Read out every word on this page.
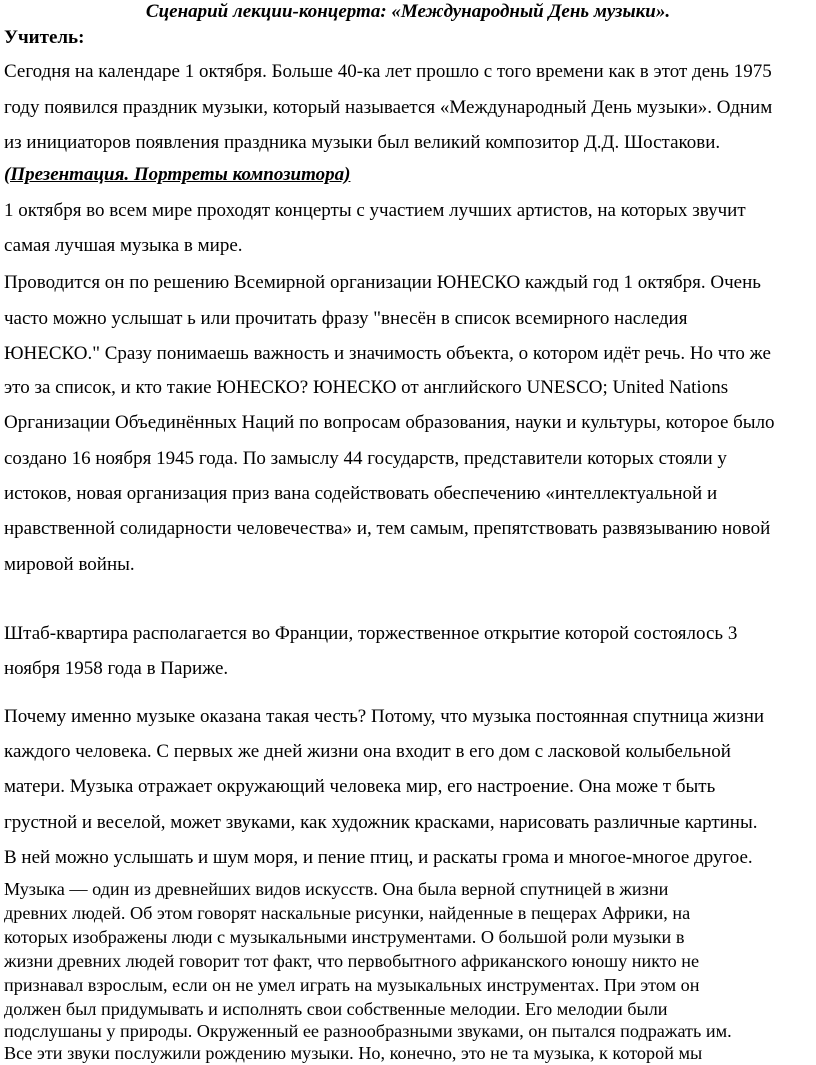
Сценарий лекции-концерта: «Международный День музыки».
Учитель:
Сегодня на календаре 1 октября. Больше 40-ка лет прошло с того времени как в этот день 1975
году появился праздник музыки, который называется «Международный День музыки». Одним
из инициаторов появления праздника музыки был великий композитор Д.Д. Шостакови.
(Презентация. Портреты композитора)
1 октября во всем мире проходят концерты с участием лучших артистов, на которых звучит
самая лучшая музыка в мире.
Проводится он по решению Всемирной организации ЮНЕСКО каждый год 1 октября. Очень
часто можно услышат ь или прочитать фразу "внесён в список всемирного наследия
ЮНЕСКО." Сразу понимаешь важность и значимость объекта, о котором идёт речь. Но что же
это за список, и кто такие ЮНЕСКО? ЮНЕСКО от английского UNESCO; United Nations
Организации Объединённых Наций по вопросам образования, науки и культуры, которое было
создано 16 ноября 1945 года. По замыслу 44 государств, представители которых стояли у
истоков, новая организация приз вана содействовать обеспечению «интеллектуальной и
нравственной солидарности человечества» и, тем самым, препятствовать развязыванию новой
мировой войны.
Штаб-квартира располагается во Франции, торжественное открытие которой состоялось 3
ноября 1958 года в Париже.
Почему именно музыке оказана такая честь? Потому, что музыка постоянная спутница жизни
каждого человека. С первых же дней жизни она входит в его дом с ласковой колыбельной
матери. Музыка отражает окружающий человека мир, его настроение. Она може т быть
грустной и веселой, может звуками, как художник красками, нарисовать различные картины.
В ней можно услышать и шум моря, и пение птиц, и раскаты грома и многое-многое другое.
Музыка — один из древнейших видов искусств. Она была верной спутницей в жизни
древних людей. Об этом говорят наскальные рисунки, найденные в пещерах Африки, на
которых изображены люди с музыкальными инструментами. О большой роли музыки в
жизни древних людей говорит тот факт, что первобытного африканского юношу никто не
признавал взрослым, если он не умел играть на музыкальных инструментах. При этом он
должен был придумывать и исполнять свои собственные мелодии. Его мелодии были
подслушаны у природы. Окруженный ее разнообразными звуками, он пытался подражать им.
Все эти звуки послужили рождению музыки. Но, конечно, это не та музыка, к которой мы
